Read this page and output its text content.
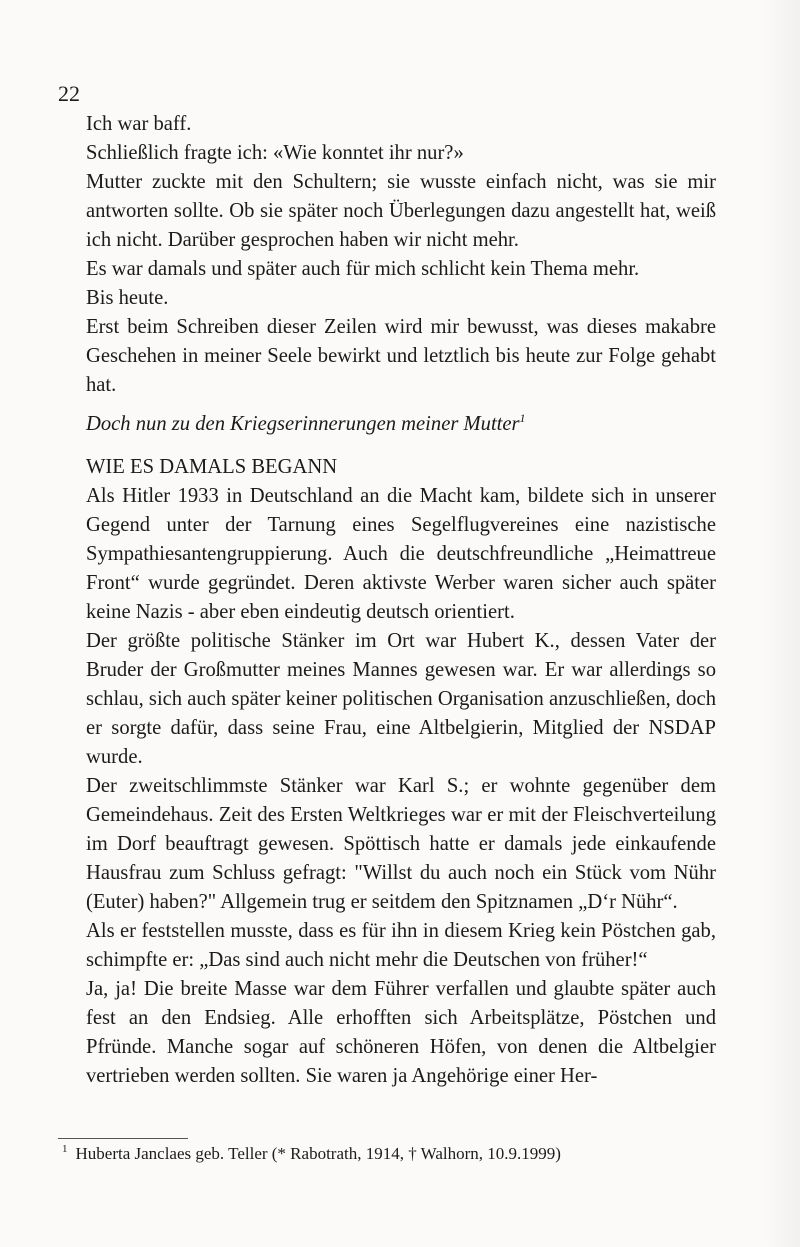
22

Ich war baff.

Schließlich fragte ich: «Wie konntet ihr nur?»

Mutter zuckte mit den Schultern; sie wusste einfach nicht, was sie mir antworten sollte. Ob sie später noch Überlegungen dazu angestellt hat, weiß ich nicht. Darüber gesprochen haben wir nicht mehr.

Es war damals und später auch für mich schlicht kein Thema mehr.

Bis heute.

Erst beim Schreiben dieser Zeilen wird mir bewusst, was dieses makabre Geschehen in meiner Seele bewirkt und letztlich bis heute zur Folge gehabt hat.

Doch nun zu den Kriegserinnerungen meiner Mutter$^1$

WIE ES DAMALS BEGANN

Als Hitler 1933 in Deutschland an die Macht kam, bildete sich in unserer Gegend unter der Tarnung eines Segelflugvereines eine nazistische Sympathiesantengruppierung. Auch die deutschfreundliche „Heimattreue Front“ wurde gegründet. Deren aktivste Werber waren sicher auch später keine Nazis - aber eben eindeutig deutsch orientiert.

Der größte politische Stänker im Ort war Hubert K., dessen Vater der Bruder der Großmutter meines Mannes gewesen war. Er war allerdings so schlau, sich auch später keiner politischen Organisation anzuschließen, doch er sorgte dafür, dass seine Frau, eine Altbelgierin, Mitglied der NSDAP wurde.

Der zweitschlimmste Stänker war Karl S.; er wohnte gegenüber dem Gemeindehaus. Zeit des Ersten Weltkrieges war er mit der Fleischverteilung im Dorf beauftragt gewesen. Spöttisch hatte er damals jede einkaufende Hausfrau zum Schluss gefragt: "Willst du auch noch ein Stück vom Nühr (Euter) haben?" Allgemein trug er seitdem den Spitznamen „D‘r Nühr“.

Als er feststellen musste, dass es für ihn in diesem Krieg kein Pöstchen gab, schimpfte er: „Das sind auch nicht mehr die Deutschen von früher!“

Ja, ja! Die breite Masse war dem Führer verfallen und glaubte später auch fest an den Endsieg. Alle erhofften sich Arbeitsplätze, Pöstchen und Pfründe. Manche sogar auf schöneren Höfen, von denen die Altbelgier vertrieben werden sollten. Sie waren ja Angehörige einer Her-

$^1$ Huberta Janclaes geb. Teller (* Rabotrath, 1914, † Walhorn, 10.9.1999)
